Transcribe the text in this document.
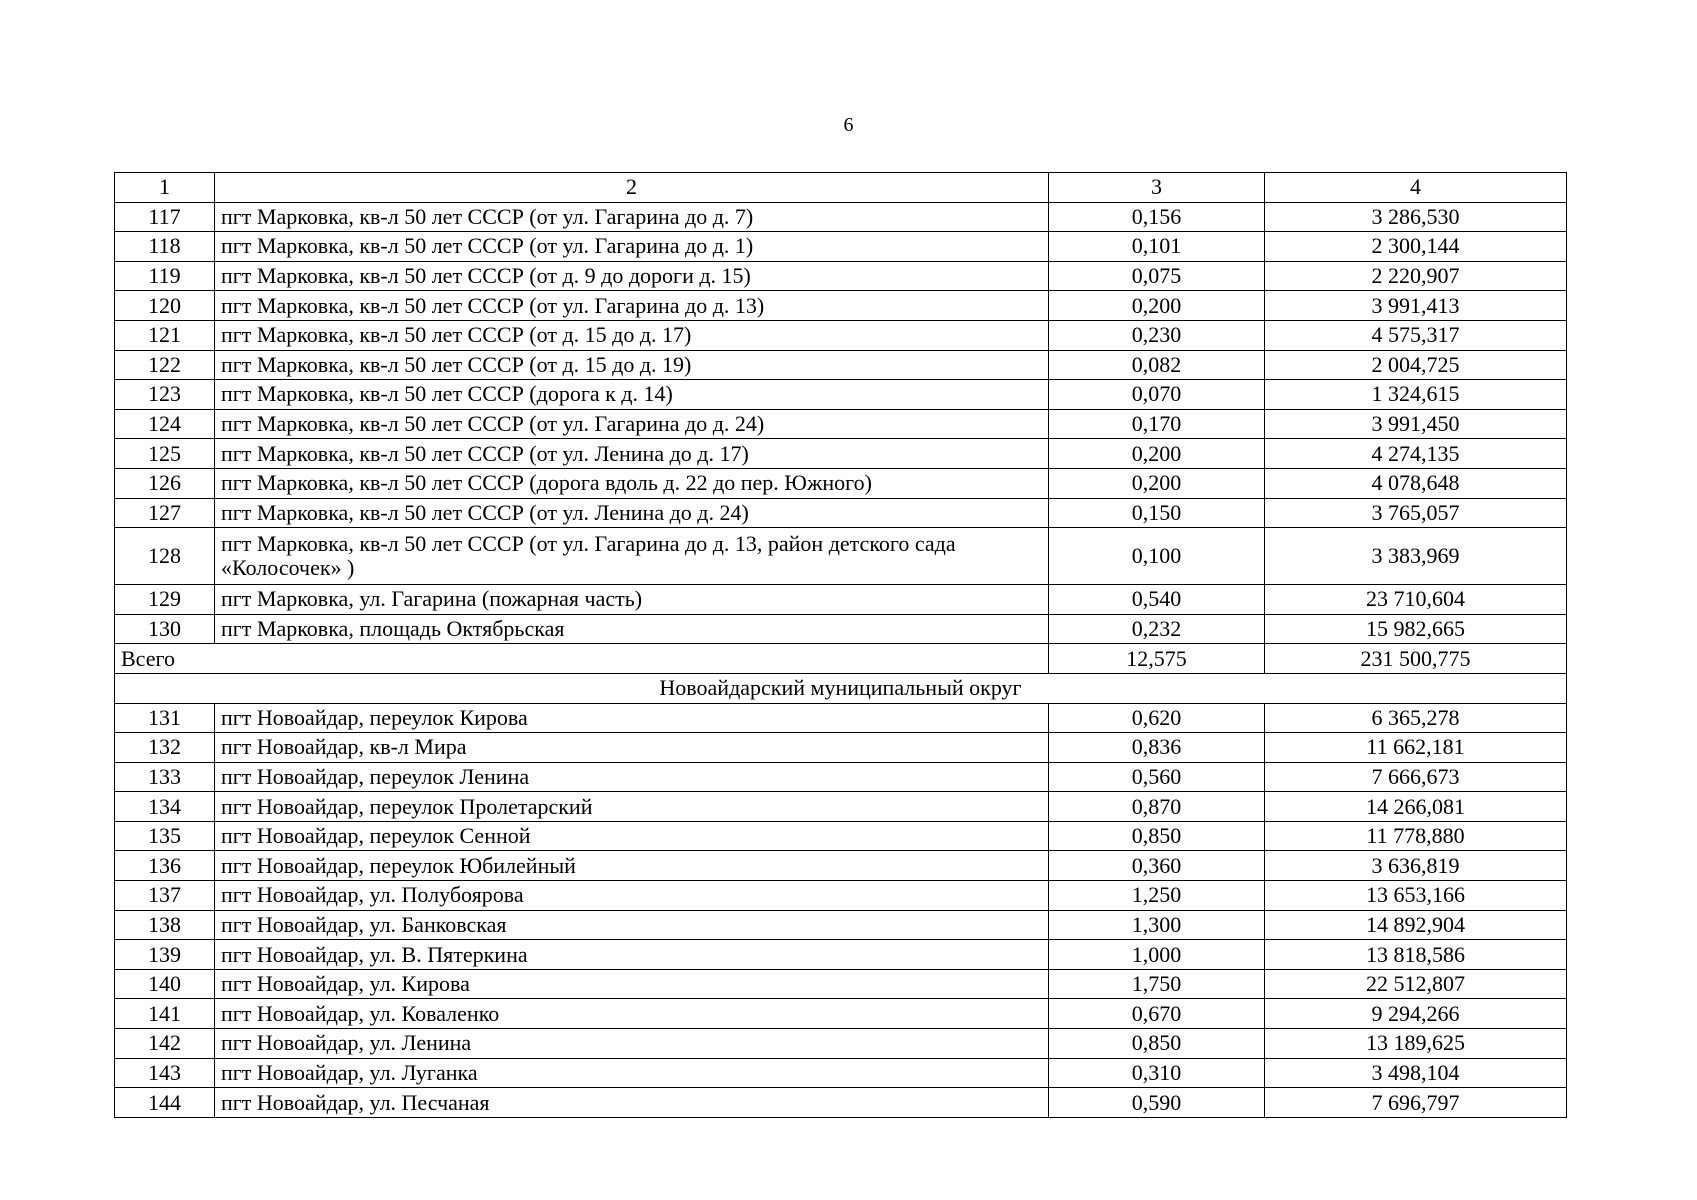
6
1	2	3	4
117	пгт Марковка, кв-л 50 лет СССР (от ул. Гагарина до д. 7)	0,156	3 286,530
118	пгт Марковка, кв-л 50 лет СССР (от ул. Гагарина до д. 1)	0,101	2 300,144
119	пгт Марковка, кв-л 50 лет СССР (от д. 9 до дороги д. 15)	0,075	2 220,907
120	пгт Марковка, кв-л 50 лет СССР (от ул. Гагарина до д. 13)	0,200	3 991,413
121	пгт Марковка, кв-л 50 лет СССР (от д. 15 до д. 17)	0,230	4 575,317
122	пгт Марковка, кв-л 50 лет СССР (от д. 15 до д. 19)	0,082	2 004,725
123	пгт Марковка, кв-л 50 лет СССР (дорога к д. 14)	0,070	1 324,615
124	пгт Марковка, кв-л 50 лет СССР (от ул. Гагарина до д. 24)	0,170	3 991,450
125	пгт Марковка, кв-л 50 лет СССР (от ул. Ленина до д. 17)	0,200	4 274,135
126	пгт Марковка, кв-л 50 лет СССР (дорога вдоль д. 22 до пер. Южного)	0,200	4 078,648
127	пгт Марковка, кв-л 50 лет СССР (от ул. Ленина до д. 24)	0,150	3 765,057
128	пгт Марковка, кв-л 50 лет СССР (от ул. Гагарина до д. 13, район детского сада «Колосочек» )	0,100	3 383,969
129	пгт Марковка, ул. Гагарина (пожарная часть)	0,540	23 710,604
130	пгт Марковка, площадь Октябрьская	0,232	15 982,665
Всего		12,575	231 500,775
Новоайдарский муниципальный округ			
131	пгт Новоайдар, переулок Кирова	0,620	6 365,278
132	пгт Новоайдар, кв-л Мира	0,836	11 662,181
133	пгт Новоайдар, переулок Ленина	0,560	7 666,673
134	пгт Новоайдар, переулок Пролетарский	0,870	14 266,081
135	пгт Новоайдар, переулок Сенной	0,850	11 778,880
136	пгт Новоайдар, переулок Юбилейный	0,360	3 636,819
137	пгт Новоайдар, ул. Полубоярова	1,250	13 653,166
138	пгт Новоайдар, ул. Банковская	1,300	14 892,904
139	пгт Новоайдар, ул. В. Пятеркина	1,000	13 818,586
140	пгт Новоайдар, ул. Кирова	1,750	22 512,807
141	пгт Новоайдар, ул. Коваленко	0,670	9 294,266
142	пгт Новоайдар, ул. Ленина	0,850	13 189,625
143	пгт Новоайдар, ул. Луганка	0,310	3 498,104
144	пгт Новоайдар, ул. Песчаная	0,590	7 696,797
